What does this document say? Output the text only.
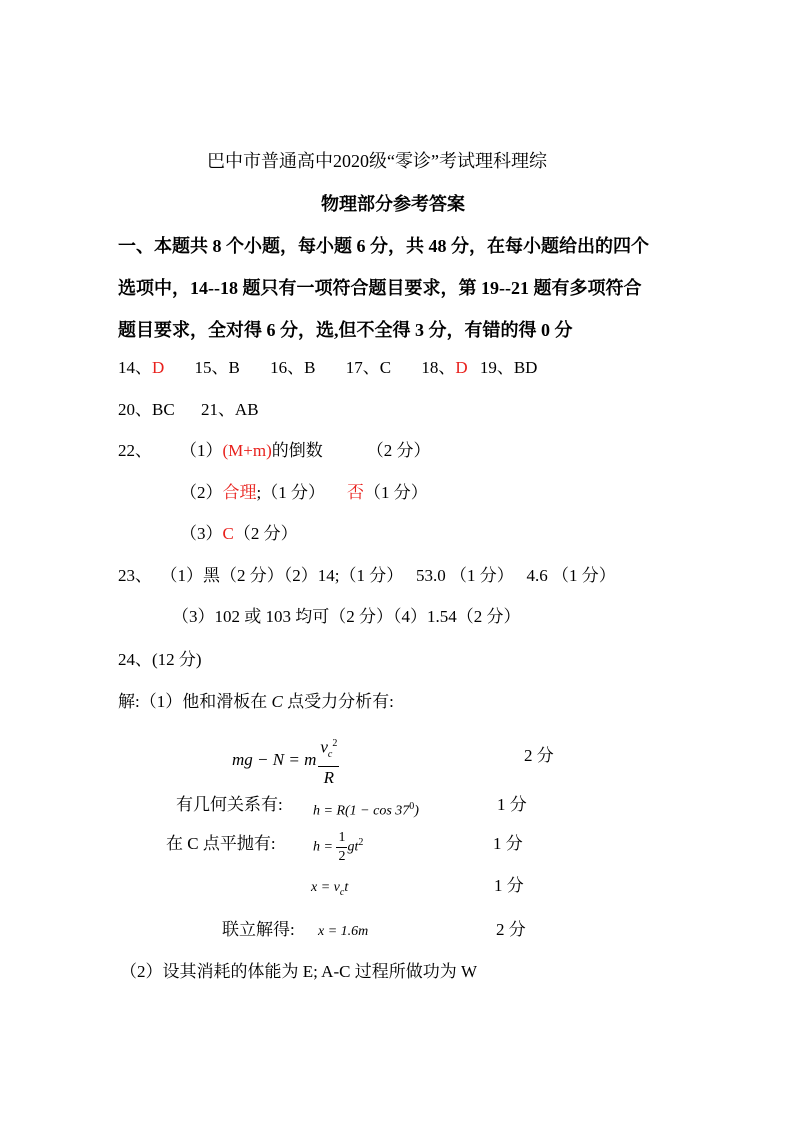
巴中市普通高中2020级“零诊”考试理科理综
物理部分参考答案
一、本题共 8 个小题，每小题 6 分，共 48 分，在每小题给出的四个
选项中，14--18 题只有一项符合题目要求，第 19--21 题有多项符合
题目要求，全对得 6 分，选,但不全得 3 分，有错的得 0 分
14、D 15、B 16、B 17、C 18、D 19、BD
20、BC 21、AB
22、 （1）(M+m)的倒数	（2 分）
（2）合理;（1 分） 否（1 分）
（3）C（2 分）
23、  （1）黑（2 分）（2）14;（1 分）   53.0 （1 分）   4.6 （1 分）
（3）102 或 103 均可（2 分）（4）1.54（2 分）
24、(12 分)
解:（1）他和滑板在 C 点受力分析有:
mg − N = m $\frac{v_c^2}{R}$	2 分
有几何关系有: $h = R(1 - \cos 37^0)$	1 分
在 C 点平抛有:	$h = \frac{1}{2} gt^2$	1 分
$x = v_ct$	1 分
联立解得: x = 1.6m	2 分
（2）设其消耗的体能为 E; A-C 过程所做功为 W
